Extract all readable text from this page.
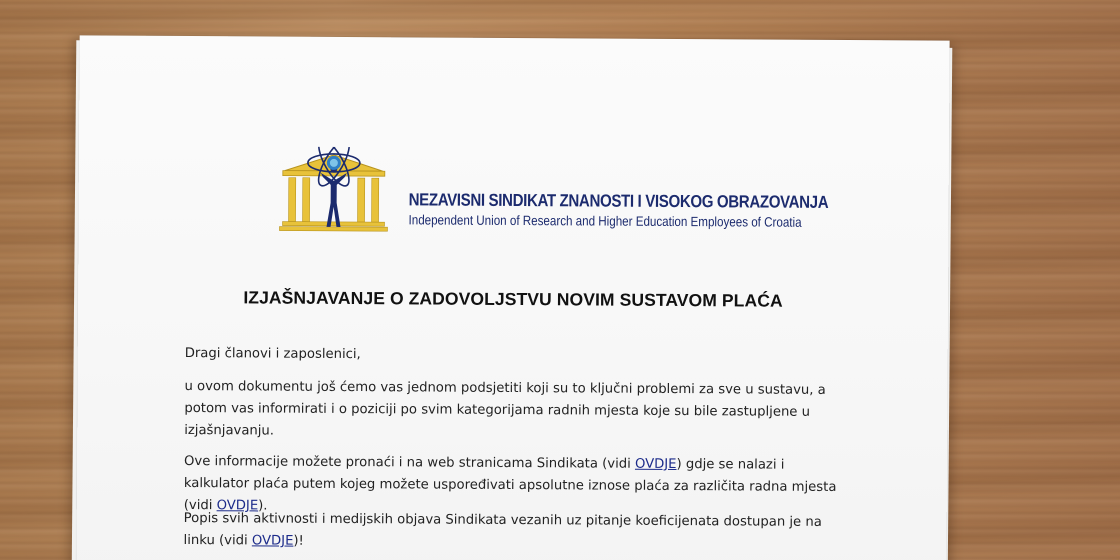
NEZAVISNI SINDIKAT ZNANOSTI I VISOKOG OBRAZOVANJA
Independent Union of Research and Higher Education Employees of Croatia
IZJAŠNJAVANJE O ZADOVOLJSTVU NOVIM SUSTAVOM PLAĆA
Dragi članovi i zaposlenici,
u ovom dokumentu još ćemo vas jednom podsjetiti koji su to ključni problemi za sve u sustavu, a potom vas informirati i o poziciji po svim kategorijama radnih mjesta koje su bile zastupljene u izjašnjavanju.
Ove informacije možete pronaći i na web stranicama Sindikata (vidi OVDJE) gdje se nalazi i kalkulator plaća putem kojeg možete uspoređivati apsolutne iznose plaća za različita radna mjesta (vidi OVDJE).
Popis svih aktivnosti i medijskih objava Sindikata vezanih uz pitanje koeficijenata dostupan je na linku (vidi OVDJE)!
